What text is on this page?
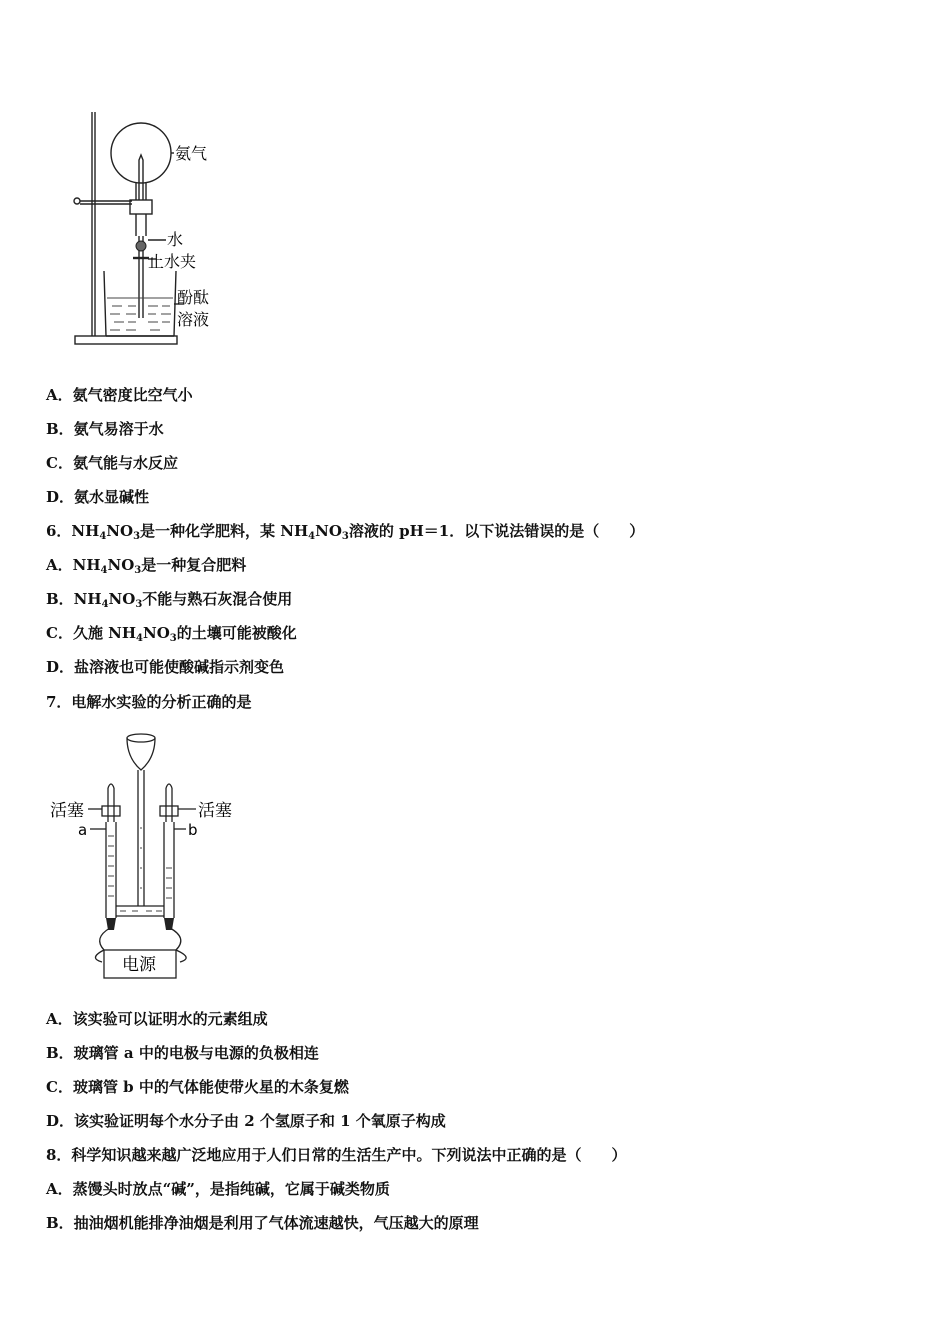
氨气
水
止水夹
酚酞
溶液
A．氨气密度比空气小
B．氨气易溶于水
C．氨气能与水反应
D．氨水显碱性
6．$NH_4NO_3$是一种化学肥料，某 $NH_4NO_3$溶液的 pH＝1．以下说法错误的是（　　）
A．$NH_4NO_3$是一种复合肥料
B．$NH_4NO_3$不能与熟石灰混合使用
C．久施 $NH_4NO_3$的土壤可能被酸化
D．盐溶液也可能使酸碱指示剂变色
7．电解水实验的分析正确的是
活塞	活塞
a	b
电源
A．该实验可以证明水的元素组成
B．玻璃管 a 中的电极与电源的负极相连
C．玻璃管 b 中的气体能使带火星的木条复燃
D．该实验证明每个水分子由 2 个氢原子和 1 个氧原子构成
8．科学知识越来越广泛地应用于人们日常的生活生产中。下列说法中正确的是（　　）
A．蒸馒头时放点“碱”，是指纯碱，它属于碱类物质
B．抽油烟机能排净油烟是利用了气体流速越快，气压越大的原理
